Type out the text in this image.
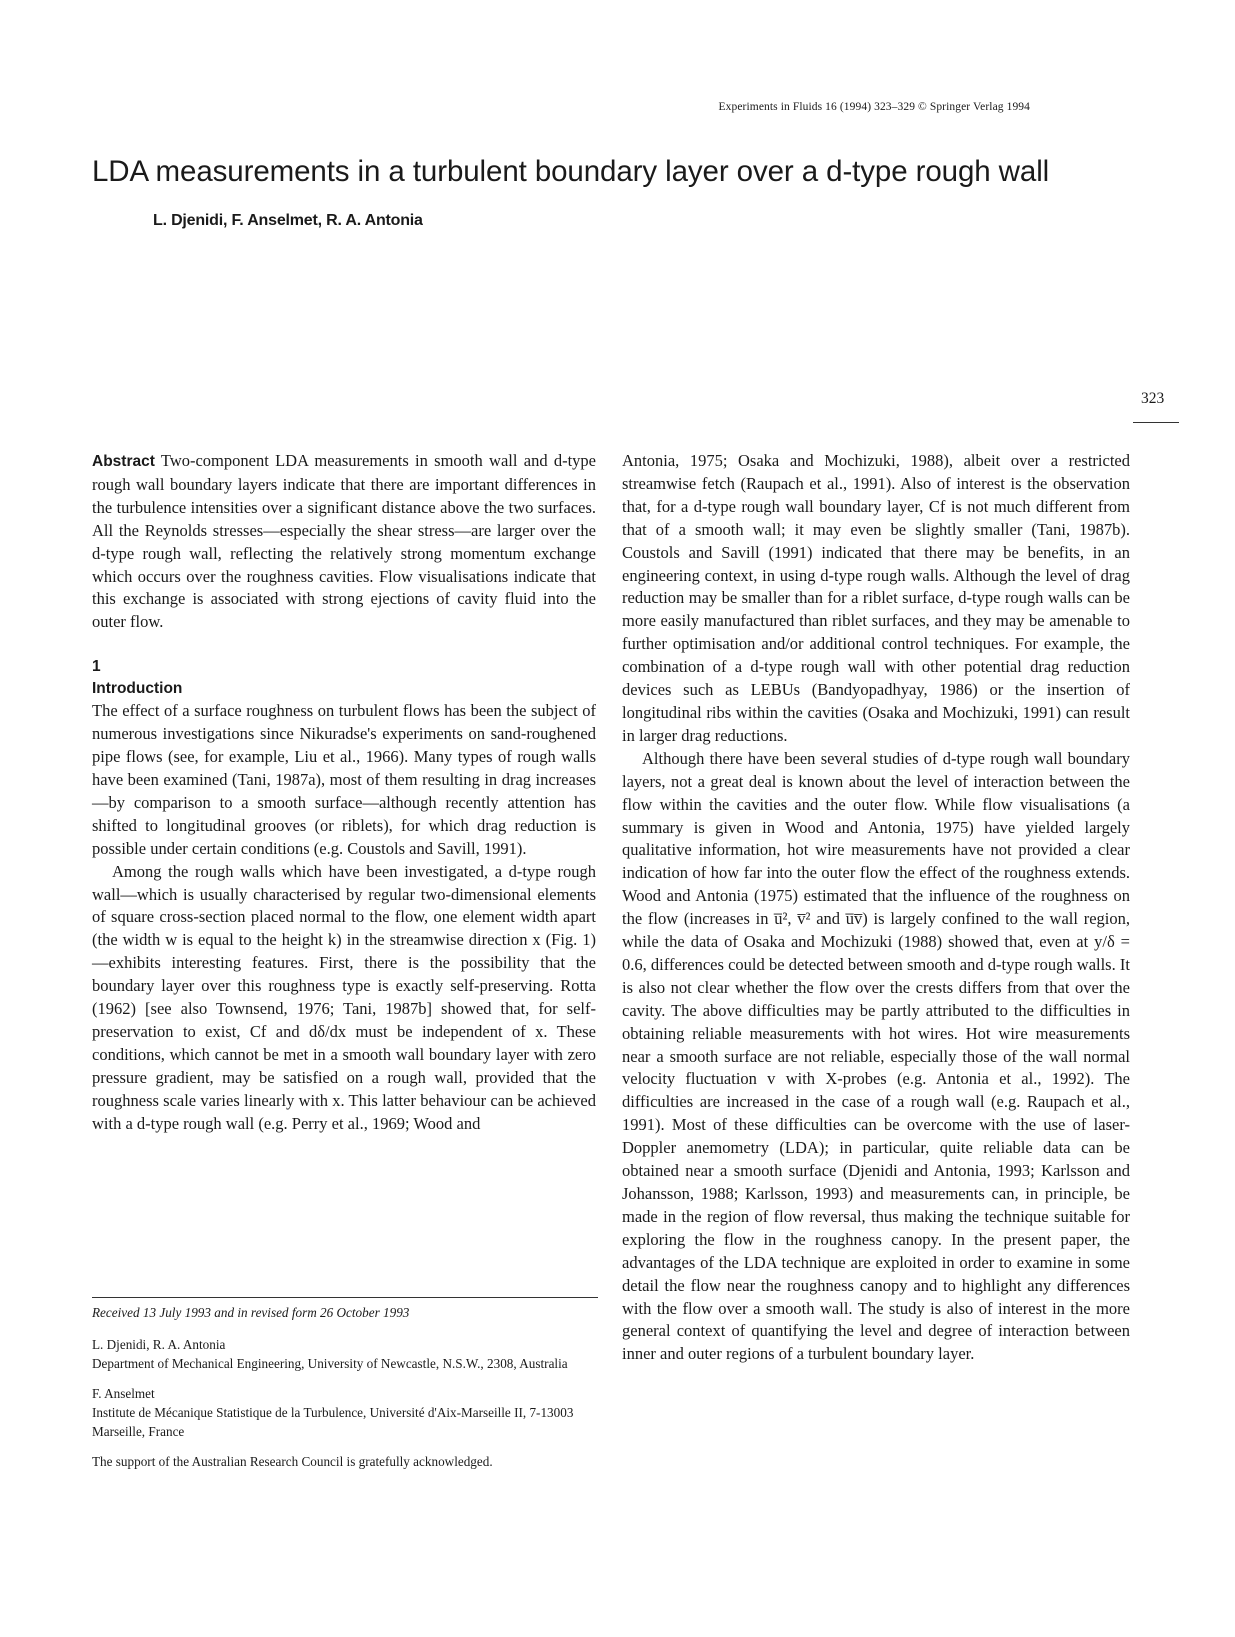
Experiments in Fluids 16 (1994) 323–329 © Springer Verlag 1994
LDA measurements in a turbulent boundary layer over a d-type rough wall
L. Djenidi, F. Anselmet, R. A. Antonia
323

Abstract Two-component LDA measurements in smooth wall and d-type rough wall boundary layers indicate that there are important differences in the turbulence intensities over a significant distance above the two surfaces. All the Reynolds stresses—especially the shear stress—are larger over the d-type rough wall, reflecting the relatively strong momentum exchange which occurs over the roughness cavities. Flow visualisations indicate that this exchange is associated with strong ejections of cavity fluid into the outer flow.

1
Introduction

The effect of a surface roughness on turbulent flows has been the subject of numerous investigations since Nikuradse's experiments on sand-roughened pipe flows (see, for example, Liu et al., 1966). Many types of rough walls have been examined (Tani, 1987a), most of them resulting in drag increases—by comparison to a smooth surface—although recently attention has shifted to longitudinal grooves (or riblets), for which drag reduction is possible under certain conditions (e.g. Coustols and Savill, 1991).

Among the rough walls which have been investigated, a d-type rough wall—which is usually characterised by regular two-dimensional elements of square cross-section placed normal to the flow, one element width apart (the width w is equal to the height k) in the streamwise direction x (Fig. 1)—exhibits interesting features. First, there is the possibility that the boundary layer over this roughness type is exactly self-preserving. Rotta (1962) [see also Townsend, 1976; Tani, 1987b] showed that, for self-preservation to exist, Cf and dδ/dx must be independent of x. These conditions, which cannot be met in a smooth wall boundary layer with zero pressure gradient, may be satisfied on a rough wall, provided that the roughness scale varies linearly with x. This latter behaviour can be achieved with a d-type rough wall (e.g. Perry et al., 1969; Wood and

Received 13 July 1993 and in revised form 26 October 1993

L. Djenidi, R. A. Antonia

Department of Mechanical Engineering, University of Newcastle, N.S.W., 2308, Australia

F. Anselmet

Institute de Mécanique Statistique de la Turbulence, Université d'Aix-Marseille II, 7-13003 Marseille, France

The support of the Australian Research Council is gratefully acknowledged.

Antonia, 1975; Osaka and Mochizuki, 1988), albeit over a restricted streamwise fetch (Raupach et al., 1991). Also of interest is the observation that, for a d-type rough wall boundary layer, Cf is not much different from that of a smooth wall; it may even be slightly smaller (Tani, 1987b). Coustols and Savill (1991) indicated that there may be benefits, in an engineering context, in using d-type rough walls. Although the level of drag reduction may be smaller than for a riblet surface, d-type rough walls can be more easily manufactured than riblet surfaces, and they may be amenable to further optimisation and/or additional control techniques. For example, the combination of a d-type rough wall with other potential drag reduction devices such as LEBUs (Bandyopadhyay, 1986) or the insertion of longitudinal ribs within the cavities (Osaka and Mochizuki, 1991) can result in larger drag reductions.

Although there have been several studies of d-type rough wall boundary layers, not a great deal is known about the level of interaction between the flow within the cavities and the outer flow. While flow visualisations (a summary is given in Wood and Antonia, 1975) have yielded largely qualitative information, hot wire measurements have not provided a clear indication of how far into the outer flow the effect of the roughness extends. Wood and Antonia (1975) estimated that the influence of the roughness on the flow (increases in u̅², v̅² and u̅v̅) is largely confined to the wall region, while the data of Osaka and Mochizuki (1988) showed that, even at y/δ = 0.6, differences could be detected between smooth and d-type rough walls. It is also not clear whether the flow over the crests differs from that over the cavity. The above difficulties may be partly attributed to the difficulties in obtaining reliable measurements with hot wires. Hot wire measurements near a smooth surface are not reliable, especially those of the wall normal velocity fluctuation v with X-probes (e.g. Antonia et al., 1992). The difficulties are increased in the case of a rough wall (e.g. Raupach et al., 1991). Most of these difficulties can be overcome with the use of laser-Doppler anemometry (LDA); in particular, quite reliable data can be obtained near a smooth surface (Djenidi and Antonia, 1993; Karlsson and Johansson, 1988; Karlsson, 1993) and measurements can, in principle, be made in the region of flow reversal, thus making the technique suitable for exploring the flow in the roughness canopy. In the present paper, the advantages of the LDA technique are exploited in order to examine in some detail the flow near the roughness canopy and to highlight any differences with the flow over a smooth wall. The study is also of interest in the more general context of quantifying the level and degree of interaction between inner and outer regions of a turbulent boundary layer.
